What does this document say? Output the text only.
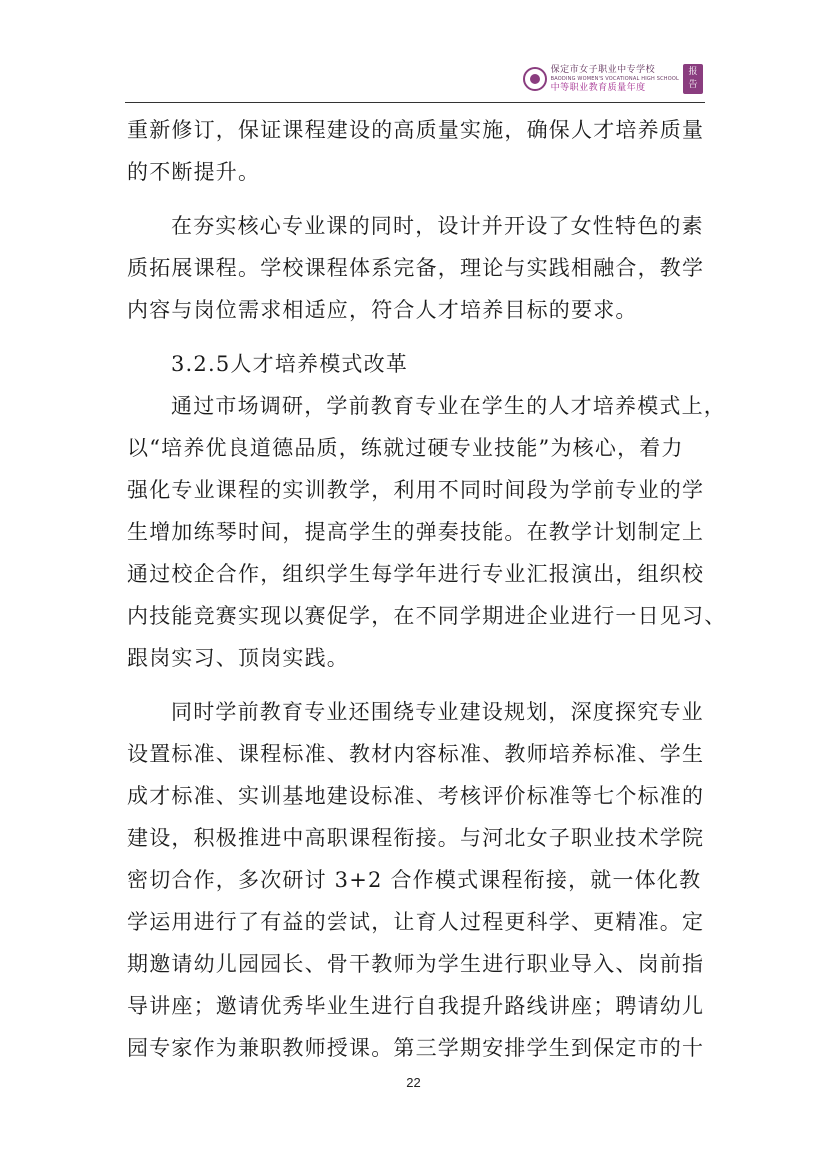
保定市女子职业中专学校
BAODING WOMEN'S VOCATIONAL HIGH SCHOOL
中等职业教育质量年度
报
告
重新修订，保证课程建设的高质量实施，确保人才培养质量
的不断提升。
在夯实核心专业课的同时，设计并开设了女性特色的素
质拓展课程。学校课程体系完备，理论与实践相融合，教学
内容与岗位需求相适应，符合人才培养目标的要求。
3.2.5人才培养模式改革
通过市场调研，学前教育专业在学生的人才培养模式上，
以“培养优良道德品质，练就过硬专业技能”为核心，着力
强化专业课程的实训教学，利用不同时间段为学前专业的学
生增加练琴时间，提高学生的弹奏技能。在教学计划制定上
通过校企合作，组织学生每学年进行专业汇报演出，组织校
内技能竞赛实现以赛促学，在不同学期进企业进行一日见习、
跟岗实习、顶岗实践。
同时学前教育专业还围绕专业建设规划，深度探究专业
设置标准、课程标准、教材内容标准、教师培养标准、学生
成才标准、实训基地建设标准、考核评价标准等七个标准的
建设，积极推进中高职课程衔接。与河北女子职业技术学院
密切合作，多次研讨 3+2 合作模式课程衔接，就一体化教
学运用进行了有益的尝试，让育人过程更科学、更精准。定
期邀请幼儿园园长、骨干教师为学生进行职业导入、岗前指
导讲座；邀请优秀毕业生进行自我提升路线讲座；聘请幼儿
园专家作为兼职教师授课。第三学期安排学生到保定市的十
22
